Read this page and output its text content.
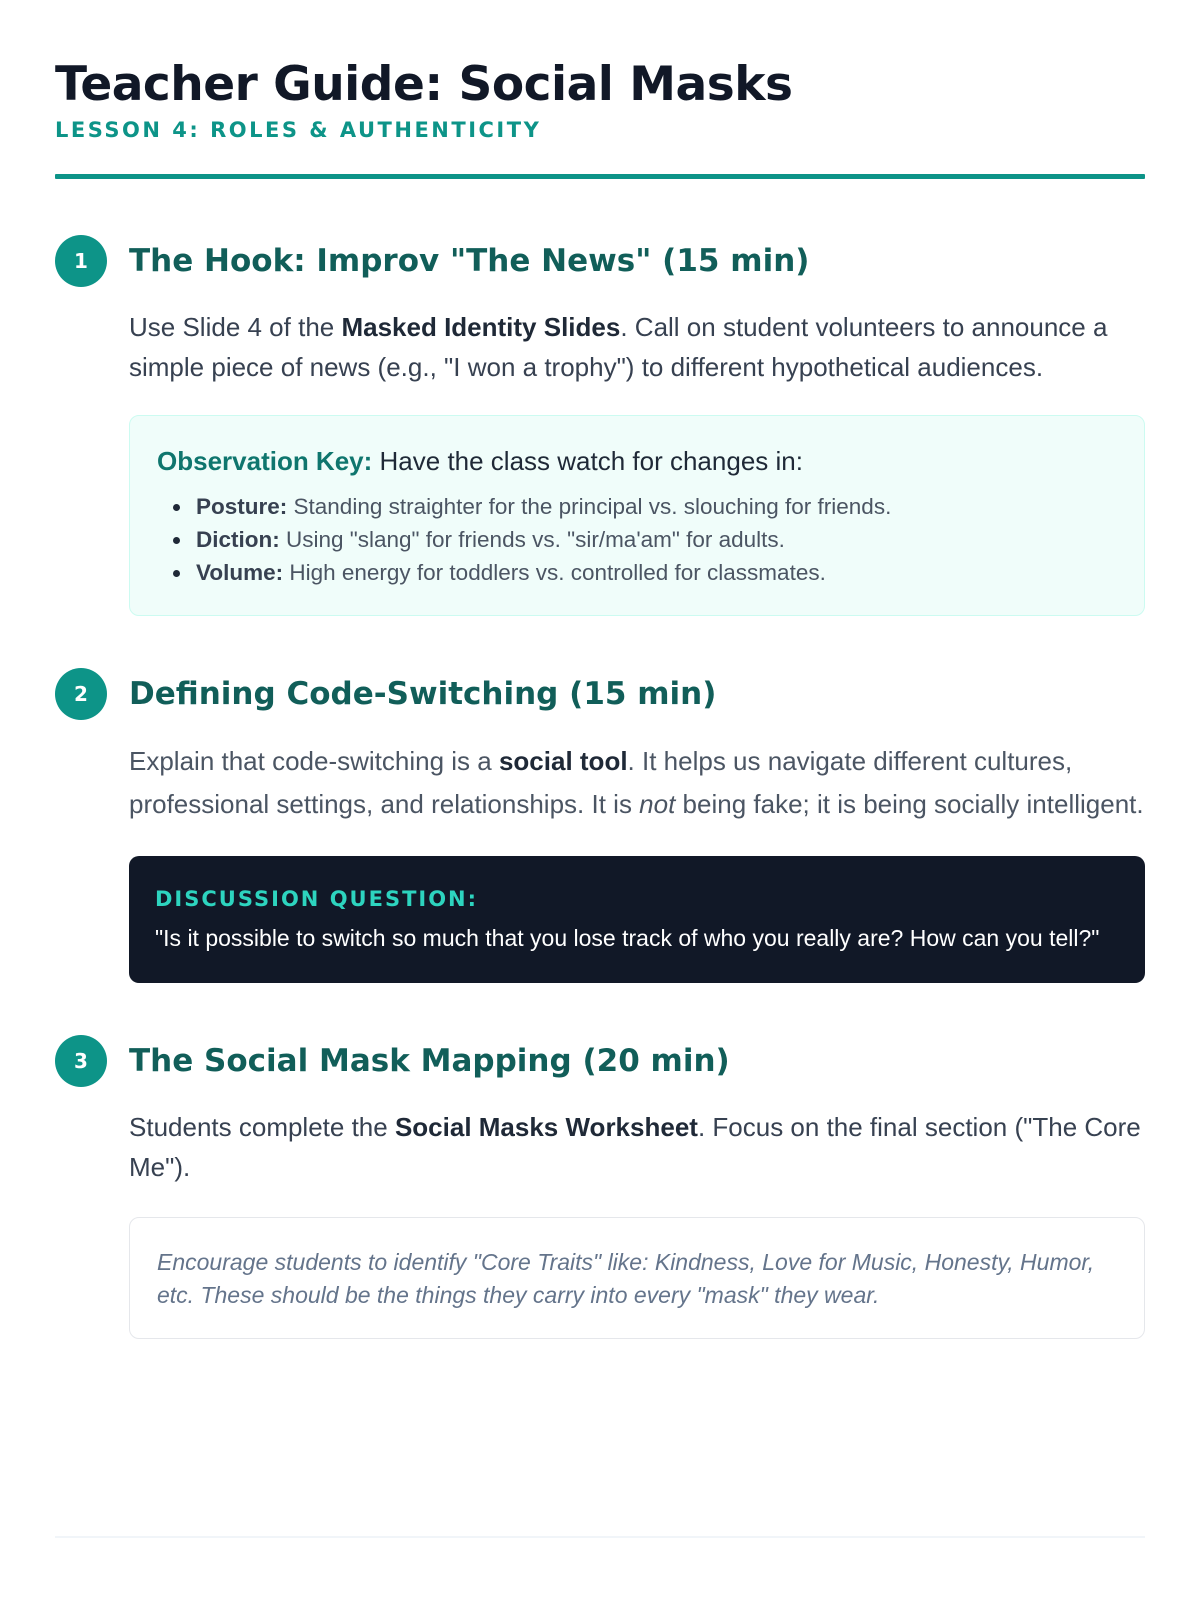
Teacher Guide: Social Masks
LESSON 4: ROLES & AUTHENTICITY
1	The Hook: Improv "The News" (15 min)

Use Slide 4 of the Masked Identity Slides. Call on student volunteers to announce a simple piece of news (e.g., "I won a trophy") to different hypothetical audiences.

Observation Key: Have the class watch for changes in:

Posture: Standing straighter for the principal vs. slouching for friends.
Diction: Using "slang" for friends vs. "sir/ma'am" for adults.
Volume: High energy for toddlers vs. controlled for classmates.
2	Defining Code-Switching (15 min)

Explain that code-switching is a social tool. It helps us navigate different cultures, professional settings, and relationships. It is not being fake; it is being socially intelligent.

DISCUSSION QUESTION:

"Is it possible to switch so much that you lose track of who you really are? How can you tell?"

3	The Social Mask Mapping (20 min)

Students complete the Social Masks Worksheet. Focus on the final section ("The Core Me").

Encourage students to identify "Core Traits" like: Kindness, Love for Music, Honesty, Humor, etc. These should be the things they carry into every "mask" they wear.
